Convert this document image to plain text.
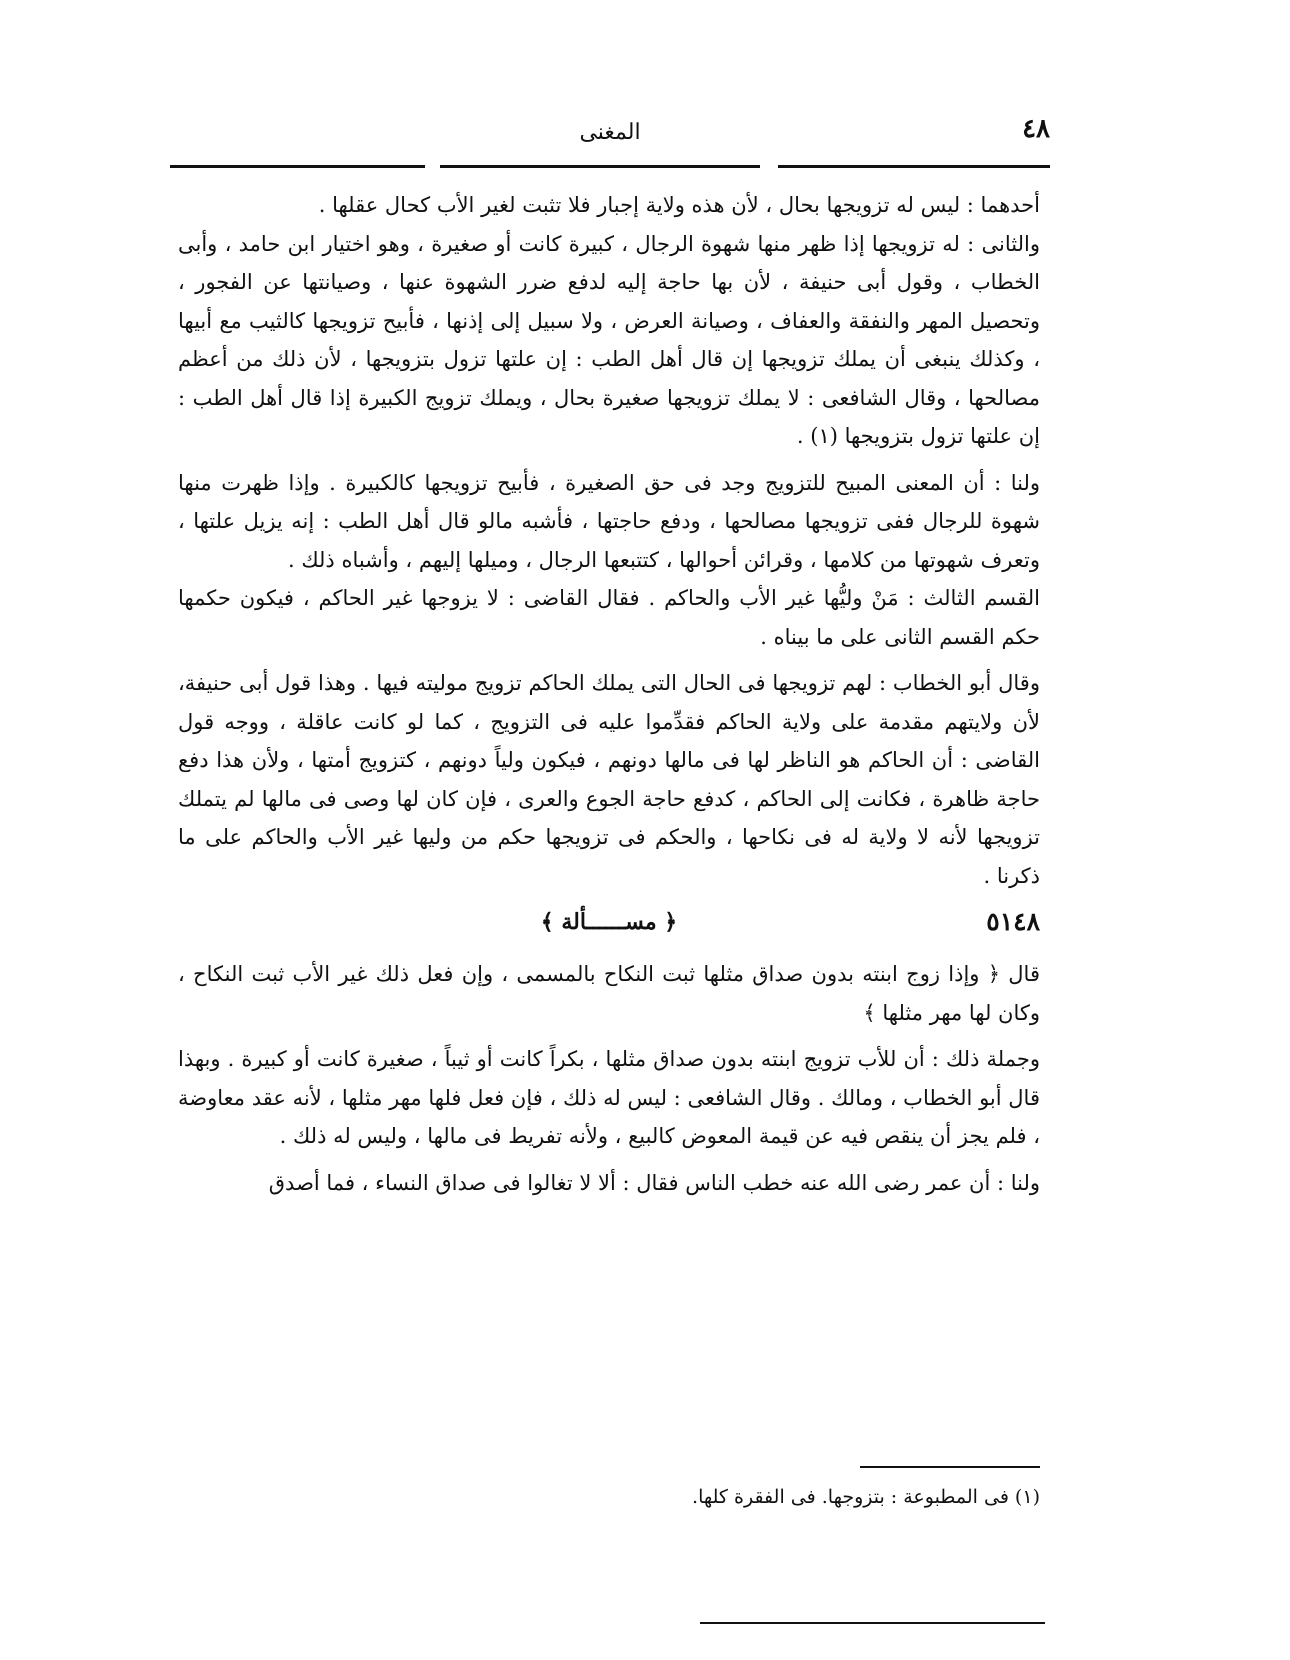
٤٨
المغنى

أحدهما : ليس له تزويجها بحال ، لأن هذه ولاية إجبار فلا تثبت لغير الأب كحال عقلها .

والثانى : له تزويجها إذا ظهر منها شهوة الرجال ، كبيرة كانت أو صغيرة ، وهو اختيار ابن حامد ، وأبى الخطاب ، وقول أبى حنيفة ، لأن بها حاجة إليه لدفع ضرر الشهوة عنها ، وصيانتها عن الفجور ، وتحصيل المهر والنفقة والعفاف ، وصيانة العرض ، ولا سبيل إلى إذنها ، فأبيح تزويجها كالثيب مع أبيها ، وكذلك ينبغى أن يملك تزويجها إن قال أهل الطب : إن علتها تزول بتزويجها ، لأن ذلك من أعظم مصالحها ، وقال الشافعى : لا يملك تزويجها صغيرة بحال ، ويملك تزويج الكبيرة إذا قال أهل الطب : إن علتها تزول بتزويجها (١) .

ولنا : أن المعنى المبيح للتزويج وجد فى حق الصغيرة ، فأبيح تزويجها كالكبيرة . وإذا ظهرت منها شهوة للرجال ففى تزويجها مصالحها ، ودفع حاجتها ، فأشبه مالو قال أهل الطب : إنه يزيل علتها ، وتعرف شهوتها من كلامها ، وقرائن أحوالها ، كتتبعها الرجال ، وميلها إليهم ، وأشباه ذلك .

القسم الثالث : مَنْ وليُّها غير الأب والحاكم . فقال القاضى : لا يزوجها غير الحاكم ، فيكون حكمها حكم القسم الثانى على ما بيناه .

وقال أبو الخطاب : لهم تزويجها فى الحال التى يملك الحاكم تزويج موليته فيها . وهذا قول أبى حنيفة، لأن ولايتهم مقدمة على ولاية الحاكم فقدِّموا عليه فى التزويج ، كما لو كانت عاقلة ، ووجه قول القاضى : أن الحاكم هو الناظر لها فى مالها دونهم ، فيكون ولياً دونهم ، كتزويج أمتها ، ولأن هذا دفع حاجة ظاهرة ، فكانت إلى الحاكم ، كدفع حاجة الجوع والعرى ، فإن كان لها وصى فى مالها لم يتملك تزويجها لأنه لا ولاية له فى نكاحها ، والحكم فى تزويجها حكم من وليها غير الأب والحاكم على ما ذكرنا .

٥١٤٨
﴿ مســــــألة ﴾

قال ﴿ وإذا زوج ابنته بدون صداق مثلها ثبت النكاح بالمسمى ، وإن فعل ذلك غير الأب ثبت النكاح ، وكان لها مهر مثلها ﴾

وجملة ذلك : أن للأب تزويج ابنته بدون صداق مثلها ، بكراً كانت أو ثيباً ، صغيرة كانت أو كبيرة . وبهذا قال أبو الخطاب ، ومالك . وقال الشافعى : ليس له ذلك ، فإن فعل فلها مهر مثلها ، لأنه عقد معاوضة ، فلم يجز أن ينقص فيه عن قيمة المعوض كالبيع ، ولأنه تفريط فى مالها ، وليس له ذلك .

ولنا : أن عمر رضى الله عنه خطب الناس فقال : ألا لا تغالوا فى صداق النساء ، فما أصدق

(١) فى المطبوعة : بتزوجها. فى الفقرة كلها.
